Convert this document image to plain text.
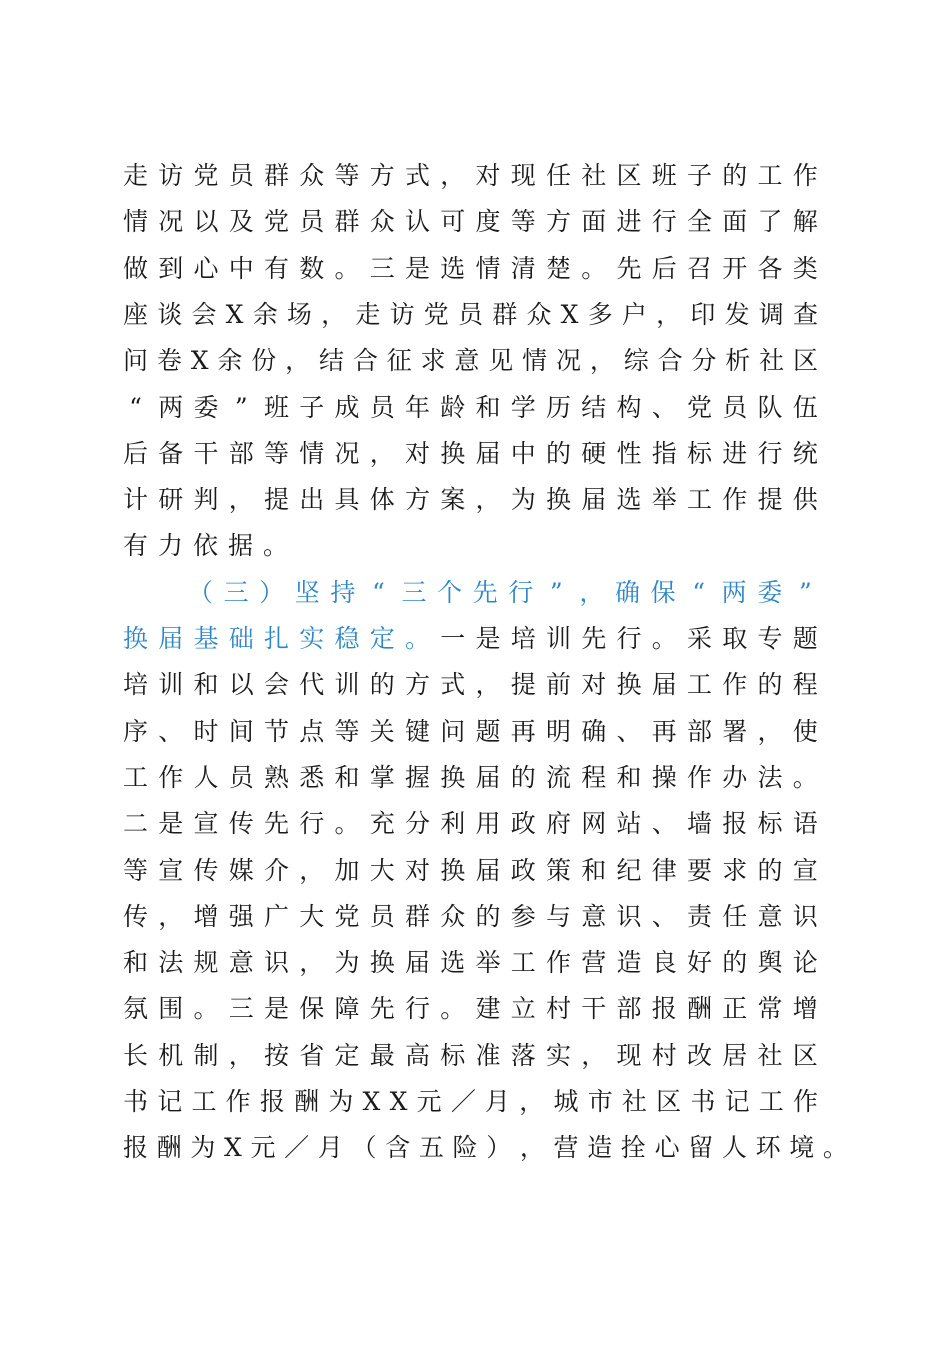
走 访 党 员 群 众 等 方 式 ， 对 现 任 社 区 班 子 的 工 作
情 况 以 及 党 员 群 众 认 可 度 等 方 面 进 行 全 面 了 解
做 到 心 中 有 数 。 三 是 选 情 清 楚 。 先 后 召 开 各 类
座 谈 会 X 余 场 ， 走 访 党 员 群 众 X 多 户 ， 印 发 调 查
问 卷 X 余 份 ， 结 合 征 求 意 见 情 况 ， 综 合 分 析 社 区
“ 两 委 ” 班 子 成 员 年 龄 和 学 历 结 构 、 党 员 队 伍
后 备 干 部 等 情 况 ， 对 换 届 中 的 硬 性 指 标 进 行 统
计 研 判 ， 提 出 具 体 方 案 ， 为 换 届 选 举 工 作 提 供
有 力 依 据 。
（ 三 ） 坚 持 “ 三 个 先 行 ” ， 确 保 “ 两 委 ”
换 届 基 础 扎 实 稳 定 。 一 是 培 训 先 行 。 采 取 专 题
培 训 和 以 会 代 训 的 方 式 ， 提 前 对 换 届 工 作 的 程
序 、 时 间 节 点 等 关 键 问 题 再 明 确 、 再 部 署 ， 使
工 作 人 员 熟 悉 和 掌 握 换 届 的 流 程 和 操 作 办 法 。
二 是 宣 传 先 行 。 充 分 利 用 政 府 网 站 、 墙 报 标 语
等 宣 传 媒 介 ， 加 大 对 换 届 政 策 和 纪 律 要 求 的 宣
传 ， 增 强 广 大 党 员 群 众 的 参 与 意 识 、 责 任 意 识
和 法 规 意 识 ， 为 换 届 选 举 工 作 营 造 良 好 的 舆 论
氛 围 。 三 是 保 障 先 行 。 建 立 村 干 部 报 酬 正 常 增
长 机 制 ， 按 省 定 最 高 标 准 落 实 ， 现 村 改 居 社 区
书 记 工 作 报 酬 为 X X 元 ／ 月 ， 城 市 社 区 书 记 工 作
报 酬 为 X 元 ／ 月 （ 含 五 险 ） ， 营 造 拴 心 留 人 环 境 。
